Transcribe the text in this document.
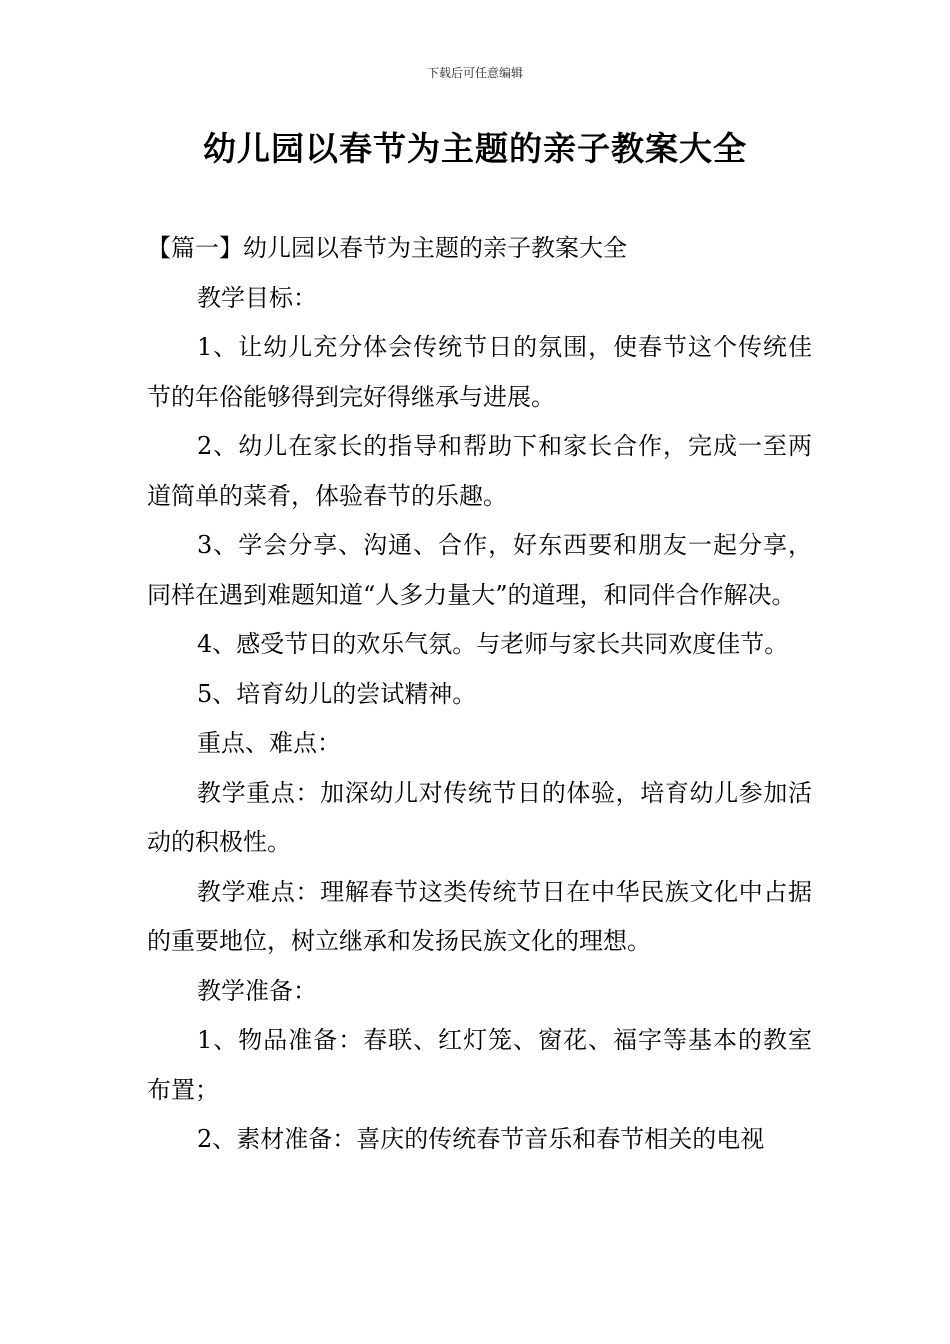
下载后可任意编辑
幼儿园以春节为主题的亲子教案大全

【篇一】幼儿园以春节为主题的亲子教案大全

教学目标：

1、让幼儿充分体会传统节日的氛围，使春节这个传统佳节的年俗能够得到完好得继承与进展。

2、幼儿在家长的指导和帮助下和家长合作，完成一至两道简单的菜肴，体验春节的乐趣。

3、学会分享、沟通、合作，好东西要和朋友一起分享，同样在遇到难题知道“人多力量大”的道理，和同伴合作解决。

4、感受节日的欢乐气氛。与老师与家长共同欢度佳节。

5、培育幼儿的尝试精神。

重点、难点：

教学重点：加深幼儿对传统节日的体验，培育幼儿参加活动的积极性。

教学难点：理解春节这类传统节日在中华民族文化中占据的重要地位，树立继承和发扬民族文化的理想。

教学准备：

1、物品准备：春联、红灯笼、窗花、福字等基本的教室布置；

2、素材准备：喜庆的传统春节音乐和春节相关的电视
